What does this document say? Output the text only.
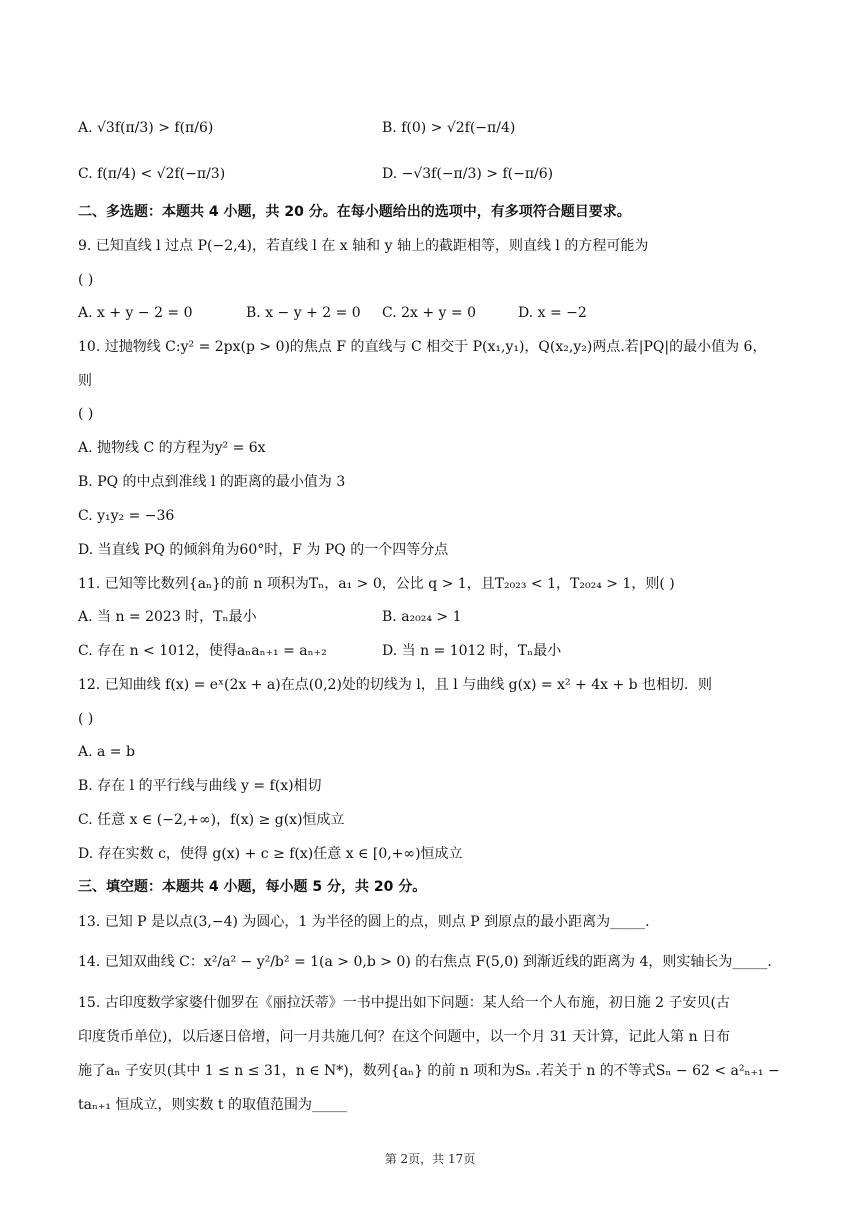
A. √3f(π/3) > f(π/6)	B. f(0) > √2f(−π/4)
C. f(π/4) < √2f(−π/3)	D. −√3f(−π/3) > f(−π/6)
二、多选题：本题共 4 小题，共 20 分。在每小题给出的选项中，有多项符合题目要求。
9. 已知直线 l 过点 P(−2,4)，若直线 l 在 x 轴和 y 轴上的截距相等，则直线 l 的方程可能为
( )
A. x + y − 2 = 0	B. x − y + 2 = 0 C. 2x + y = 0	D. x = −2
10. 过抛物线 C:y² = 2px(p > 0)的焦点 F 的直线与 C 相交于 P(x₁,y₁)，Q(x₂,y₂)两点.若|PQ|的最小值为 6，
则
( )
A. 抛物线 C 的方程为y² = 6x
B. PQ 的中点到准线 l 的距离的最小值为 3
C. y₁y₂ = −36
D. 当直线 PQ 的倾斜角为60°时，F 为 PQ 的一个四等分点
11. 已知等比数列{aₙ}的前 n 项积为Tₙ，a₁ > 0，公比 q > 1，且T₂₀₂₃ < 1，T₂₀₂₄ > 1，则( )
A. 当 n = 2023 时，Tₙ最小	B. a₂₀₂₄ > 1
C. 存在 n < 1012，使得aₙaₙ₊₁ = aₙ₊₂	D. 当 n = 1012 时，Tₙ最小
12. 已知曲线 f(x) = eˣ(2x + a)在点(0,2)处的切线为 l，且 l 与曲线 g(x) = x² + 4x + b 也相切．则
( )
A. a = b
B. 存在 l 的平行线与曲线 y = f(x)相切
C. 任意 x ∈ (−2,+∞)，f(x) ≥ g(x)恒成立
D. 存在实数 c，使得 g(x) + c ≥ f(x)任意 x ∈ [0,+∞)恒成立
三、填空题：本题共 4 小题，每小题 5 分，共 20 分。
13. 已知 P 是以点(3,−4) 为圆心，1 为半径的圆上的点，则点 P 到原点的最小距离为_____.
14. 已知双曲线 C：x²/a² − y²/b² = 1(a > 0,b > 0) 的右焦点 F(5,0) 到渐近线的距离为 4，则实轴长为_____.
15. 古印度数学家婆什伽罗在《丽拉沃蒂》一书中提出如下问题：某人给一个人布施，初日施 2 子安贝(古
印度货币单位)，以后逐日倍增，问一月共施几何？在这个问题中，以一个月 31 天计算，记此人第 n 日布
施了aₙ 子安贝(其中 1 ≤ n ≤ 31，n ∈ N*)，数列{aₙ} 的前 n 项和为Sₙ .若关于 n 的不等式Sₙ − 62 < a²ₙ₊₁ −
taₙ₊₁ 恒成立，则实数 t 的取值范围为_____
第 2页，共 17页
